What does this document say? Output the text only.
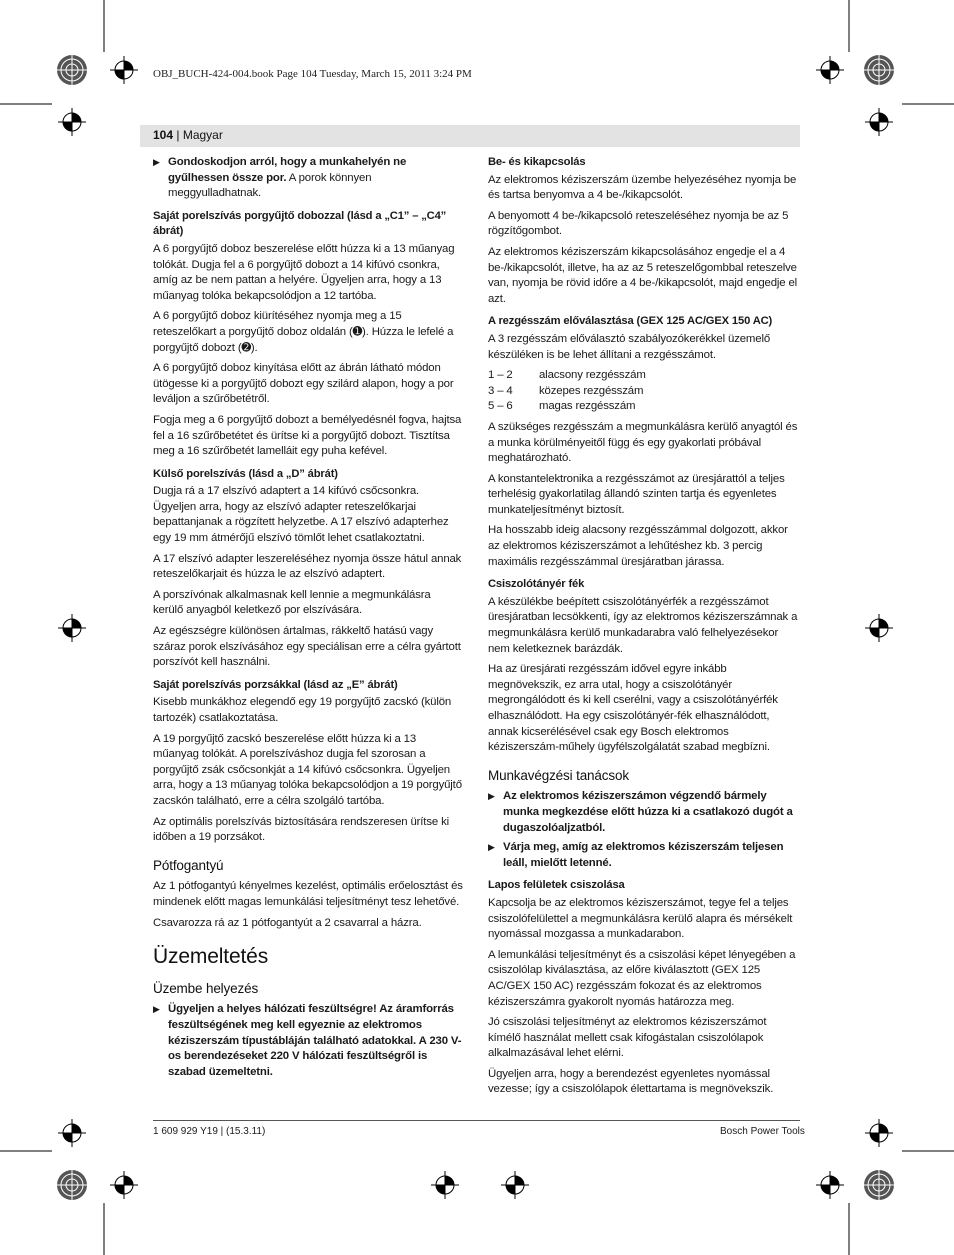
OBJ_BUCH-424-004.book Page 104 Tuesday, March 15, 2011 3:24 PM
104 | Magyar
▶ Gondoskodjon arról, hogy a munkahelyén ne gyűlhessen össze por. A porok könnyen meggyulladhatnak.
Saját porelszívás porgyűjtő dobozzal (lásd a „C1” – „C4” ábrát)

A 6 porgyűjtő doboz beszerelése előtt húzza ki a 13 műanyag tolókát. Dugja fel a 6 porgyűjtő dobozt a 14 kifúvó csonkra, amíg az be nem pattan a helyére. Ügyeljen arra, hogy a 13 műanyag tolóka bekapcsolódjon a 12 tartóba.

A 6 porgyűjtő doboz kiürítéséhez nyomja meg a 15 reteszelőkart a porgyűjtő doboz oldalán (➊). Húzza le lefelé a porgyűjtő dobozt (➋).

A 6 porgyűjtő doboz kinyítása előtt az ábrán látható módon ütögesse ki a porgyűjtő dobozt egy szilárd alapon, hogy a por leváljon a szűrőbetétről.

Fogja meg a 6 porgyűjtő dobozt a bemélyedésnél fogva, hajtsa fel a 16 szűrőbetétet és ürítse ki a porgyűjtő dobozt. Tisztítsa meg a 16 szűrőbetét lamelláit egy puha kefével.

Külső porelszívás (lásd a „D” ábrát)

Dugja rá a 17 elszívó adaptert a 14 kifúvó csőcsonkra. Ügyeljen arra, hogy az elszívó adapter reteszelőkarjai bepattanjanak a rögzített helyzetbe. A 17 elszívó adapterhez egy 19 mm átmérőjű elszívó tömlőt lehet csatlakoztatni.

A 17 elszívó adapter leszereléséhez nyomja össze hátul annak reteszelőkarjait és húzza le az elszívó adaptert.

A porszívónak alkalmasnak kell lennie a megmunkálásra kerülő anyagból keletkező por elszívására.

Az egészségre különösen ártalmas, rákkeltő hatású vagy száraz porok elszívásához egy speciálisan erre a célra gyártott porszívót kell használni.

Saját porelszívás porzsákkal (lásd az „E” ábrát)

Kisebb munkákhoz elegendő egy 19 porgyűjtő zacskó (külön tartozék) csatlakoztatása.

A 19 porgyűjtő zacskó beszerelése előtt húzza ki a 13 műanyag tolókát. A porelszíváshoz dugja fel szorosan a porgyűjtő zsák csőcsonkját a 14 kifúvó csőcsonkra. Ügyeljen arra, hogy a 13 műanyag tolóka bekapcsolódjon a 19 porgyűjtő zacskón található, erre a célra szolgáló tartóba.

Az optimális porelszívás biztosítására rendszeresen ürítse ki időben a 19 porzsákot.

Pótfogantyú

Az 1 pótfogantyú kényelmes kezelést, optimális erőelosztást és mindenek előtt magas lemunkálási teljesítményt tesz lehetővé.

Csavarozza rá az 1 pótfogantyút a 2 csavarral a házra.

Üzemeltetés
Üzembe helyezés
▶ Ügyeljen a helyes hálózati feszültségre! Az áramforrás feszültségének meg kell egyeznie az elektromos kéziszerszám típustábláján található adatokkal. A 230 V-os berendezéseket 220 V hálózati feszültségről is szabad üzemeltetni.
Be- és kikapcsolás

Az elektromos kéziszerszám üzembe helyezéséhez nyomja be és tartsa benyomva a 4 be-/kikapcsolót.

A benyomott 4 be-/kikapcsoló reteszeléséhez nyomja be az 5 rögzítőgombot.

Az elektromos kéziszerszám kikapcsolásához engedje el a 4 be-/kikapcsolót, illetve, ha az az 5 reteszelőgombbal reteszelve van, nyomja be rövid időre a 4 be-/kikapcsolót, majd engedje el azt.

A rezgésszám előválasztása (GEX 125 AC/GEX 150 AC)

A 3 rezgésszám előválasztó szabályozókerékkel üzemelő készüléken is be lehet állítani a rezgésszámot.

1 – 2	alacsony rezgésszám
3 – 4	közepes rezgésszám
5 – 6	magas rezgésszám

A szükséges rezgésszám a megmunkálásra kerülő anyagtól és a munka körülményeitől függ és egy gyakorlati próbával meghatározható.

A konstantelektronika a rezgésszámot az üresjárattól a teljes terhelésig gyakorlatilag állandó szinten tartja és egyenletes munkateljesítményt biztosít.

Ha hosszabb ideig alacsony rezgésszámmal dolgozott, akkor az elektromos kéziszerszámot a lehűtéshez kb. 3 percig maximális rezgésszámmal üresjáratban járassa.

Csiszolótányér fék

A készülékbe beépített csiszolótányérfék a rezgésszámot üresjáratban lecsökkenti, így az elektromos kéziszerszámnak a megmunkálásra kerülő munkadarabra való felhelyezésekor nem keletkeznek barázdák.

Ha az üresjárati rezgésszám idővel egyre inkább megnövekszik, ez arra utal, hogy a csiszolótányér megrongálódott és ki kell cserélni, vagy a csiszolótányérfék elhasználódott. Ha egy csiszolótányér-fék elhasználódott, annak kicserélésével csak egy Bosch elektromos kéziszerszám-műhely ügyfélszolgálatát szabad megbízni.

Munkavégzési tanácsok
▶ Az elektromos kéziszerszámon végzendő bármely munka megkezdése előtt húzza ki a csatlakozó dugót a dugaszolóaljzatból.
▶ Várja meg, amíg az elektromos kéziszerszám teljesen leáll, mielőtt letenné.
Lapos felületek csiszolása

Kapcsolja be az elektromos kéziszerszámot, tegye fel a teljes csiszolófelülettel a megmunkálásra kerülő alapra és mérsékelt nyomással mozgassa a munkadarabon.

A lemunkálási teljesítményt és a csiszolási képet lényegében a csiszolólap kiválasztása, az előre kiválasztott (GEX 125 AC/GEX 150 AC) rezgésszám fokozat és az elektromos kéziszerszámra gyakorolt nyomás határozza meg.

Jó csiszolási teljesítményt az elektromos kéziszerszámot kímélő használat mellett csak kifogástalan csiszolólapok alkalmazásával lehet elérni.

Ügyeljen arra, hogy a berendezést egyenletes nyomással vezesse; így a csiszolólapok élettartama is megnövekszik.

1 609 929 Y19 | (15.3.11)	Bosch Power Tools
